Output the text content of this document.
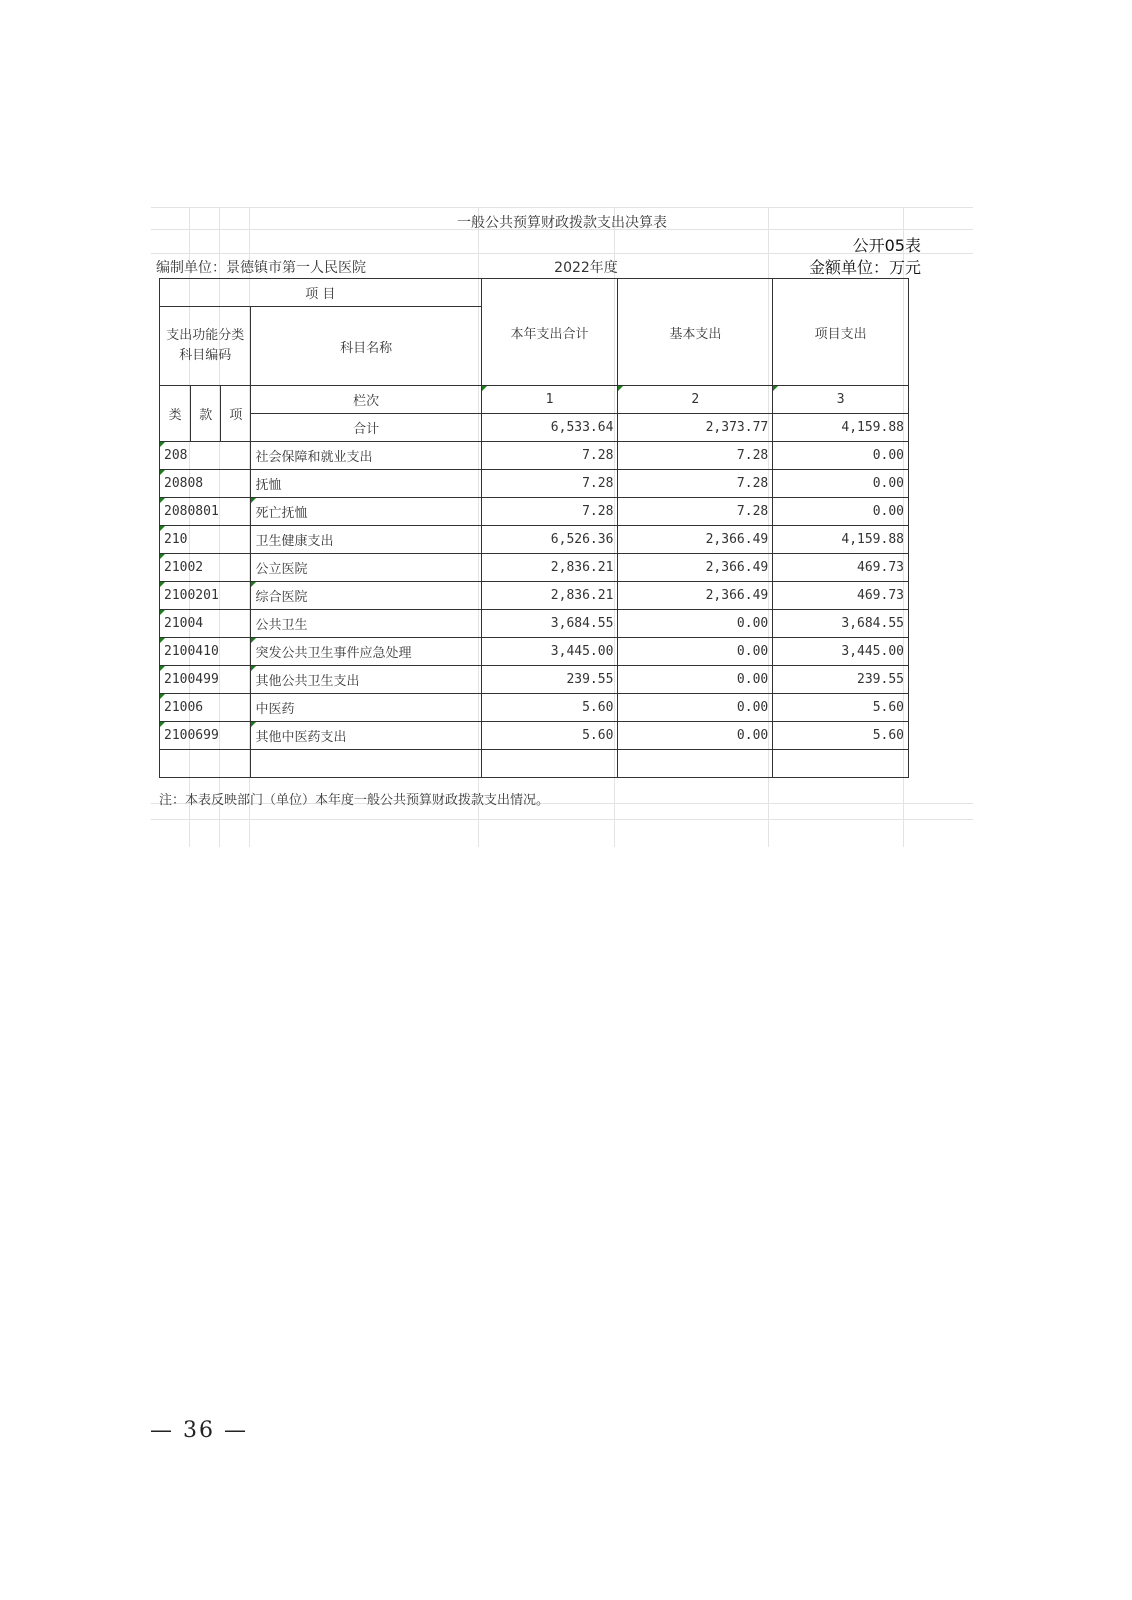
一般公共预算财政拨款支出决算表
公开05表
金额单位：万元
编制单位：景德镇市第一人民医院	2022年度
项 目				本年支出合计	基本支出	项目支出
支出功能分类科目编码			科目名称			

类	款	项	栏次	1	2	3
			合计	6,533.64	2,373.77	4,159.88
208			社会保障和就业支出	7.28	7.28	0.00
20808			抚恤	7.28	7.28	0.00
2080801			死亡抚恤	7.28	7.28	0.00
210			卫生健康支出	6,526.36	2,366.49	4,159.88
21002			公立医院	2,836.21	2,366.49	469.73
2100201			综合医院	2,836.21	2,366.49	469.73
21004			公共卫生	3,684.55	0.00	3,684.55
2100410			突发公共卫生事件应急处理	3,445.00	0.00	3,445.00
2100499			其他公共卫生支出	239.55	0.00	239.55
21006			中医药	5.60	0.00	5.60
2100699			其他中医药支出	5.60	0.00	5.60

注：本表反映部门（单位）本年度一般公共预算财政拨款支出情况。
— 36 —
